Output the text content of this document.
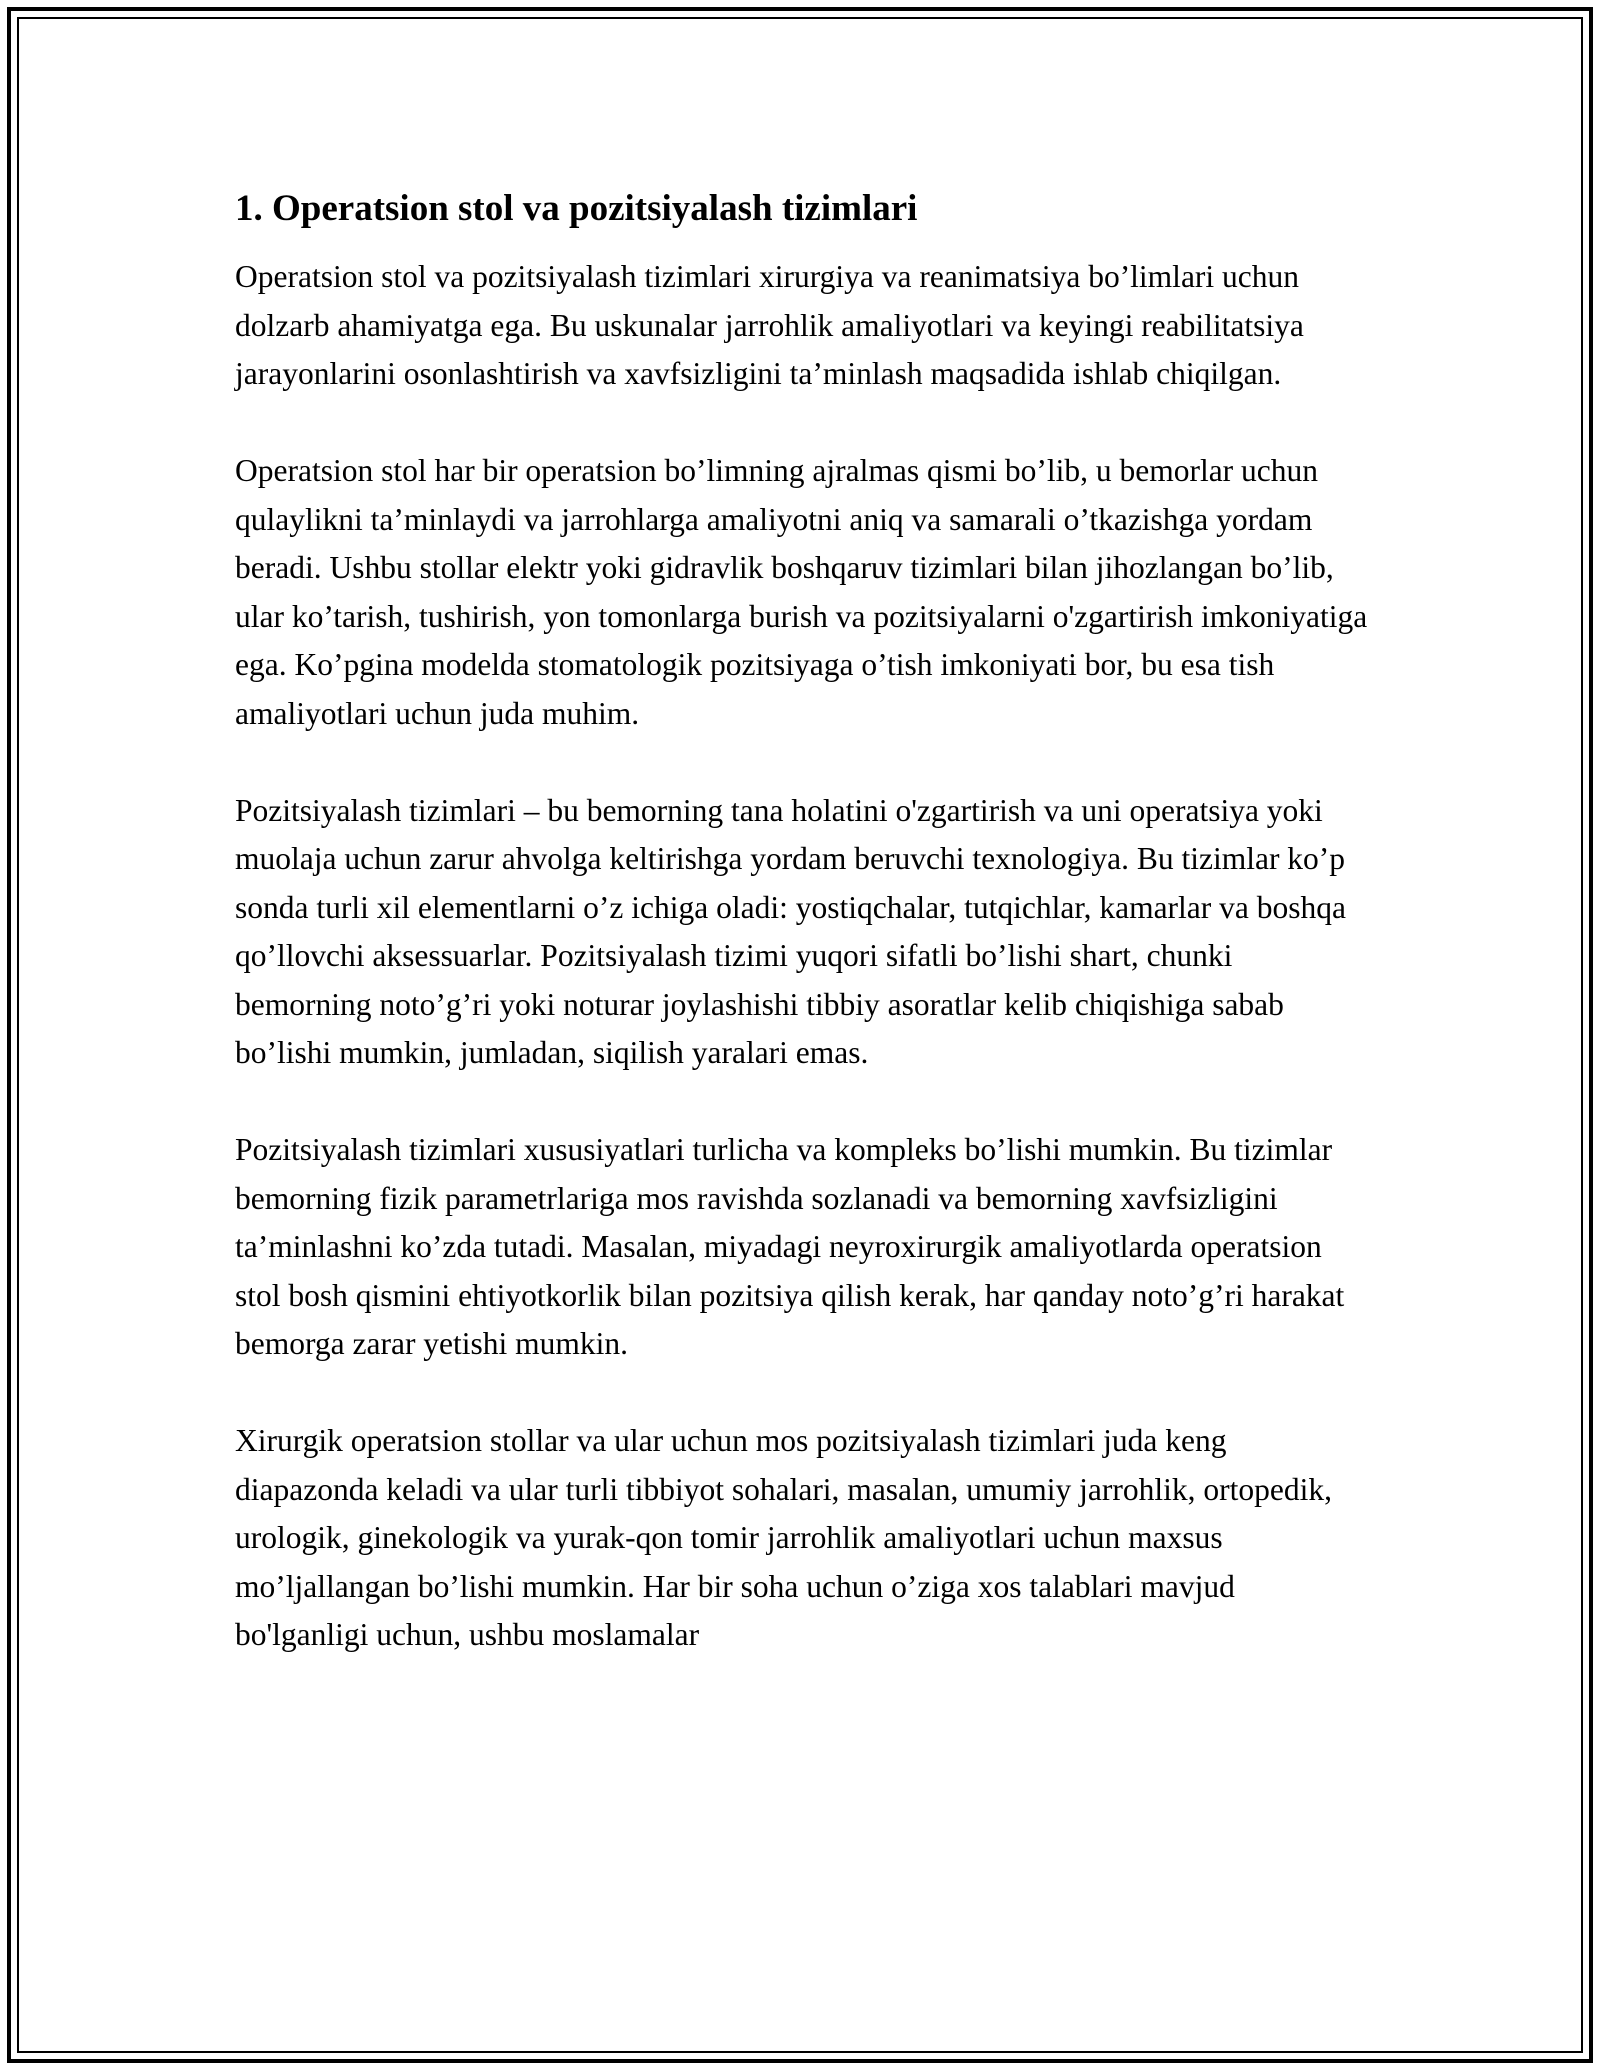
1. Operatsion stol va pozitsiyalash tizimlari

Operatsion stol va pozitsiyalash tizimlari xirurgiya va reanimatsiya bo’limlari uchun dolzarb ahamiyatga ega. Bu uskunalar jarrohlik amaliyotlari va keyingi reabilitatsiya jarayonlarini osonlashtirish va xavfsizligini ta’minlash maqsadida ishlab chiqilgan.

Operatsion stol har bir operatsion bo’limning ajralmas qismi bo’lib, u bemorlar uchun qulaylikni ta’minlaydi va jarrohlarga amaliyotni aniq va samarali o’tkazishga yordam beradi. Ushbu stollar elektr yoki gidravlik boshqaruv tizimlari bilan jihozlangan bo’lib, ular ko’tarish, tushirish, yon tomonlarga burish va pozitsiyalarni o'zgartirish imkoniyatiga ega. Ko’pgina modelda stomatologik pozitsiyaga o’tish imkoniyati bor, bu esa tish amaliyotlari uchun juda muhim.

Pozitsiyalash tizimlari – bu bemorning tana holatini o'zgartirish va uni operatsiya yoki muolaja uchun zarur ahvolga keltirishga yordam beruvchi texnologiya. Bu tizimlar ko’p sonda turli xil elementlarni o’z ichiga oladi: yostiqchalar, tutqichlar, kamarlar va boshqa qo’llovchi aksessuarlar. Pozitsiyalash tizimi yuqori sifatli bo’lishi shart, chunki bemorning noto’g’ri yoki noturar joylashishi tibbiy asoratlar kelib chiqishiga sabab bo’lishi mumkin, jumladan, siqilish yaralari emas.

Pozitsiyalash tizimlari xususiyatlari turlicha va kompleks bo’lishi mumkin. Bu tizimlar bemorning fizik parametrlariga mos ravishda sozlanadi va bemorning xavfsizligini ta’minlashni ko’zda tutadi. Masalan, miyadagi neyroxirurgik amaliyotlarda operatsion stol bosh qismini ehtiyotkorlik bilan pozitsiya qilish kerak, har qanday noto’g’ri harakat bemorga zarar yetishi mumkin.

Xirurgik operatsion stollar va ular uchun mos pozitsiyalash tizimlari juda keng diapazonda keladi va ular turli tibbiyot sohalari, masalan, umumiy jarrohlik, ortopedik, urologik, ginekologik va yurak-qon tomir jarrohlik amaliyotlari uchun maxsus mo’ljallangan bo’lishi mumkin. Har bir soha uchun o’ziga xos talablari mavjud bo'lganligi uchun, ushbu moslamalar
